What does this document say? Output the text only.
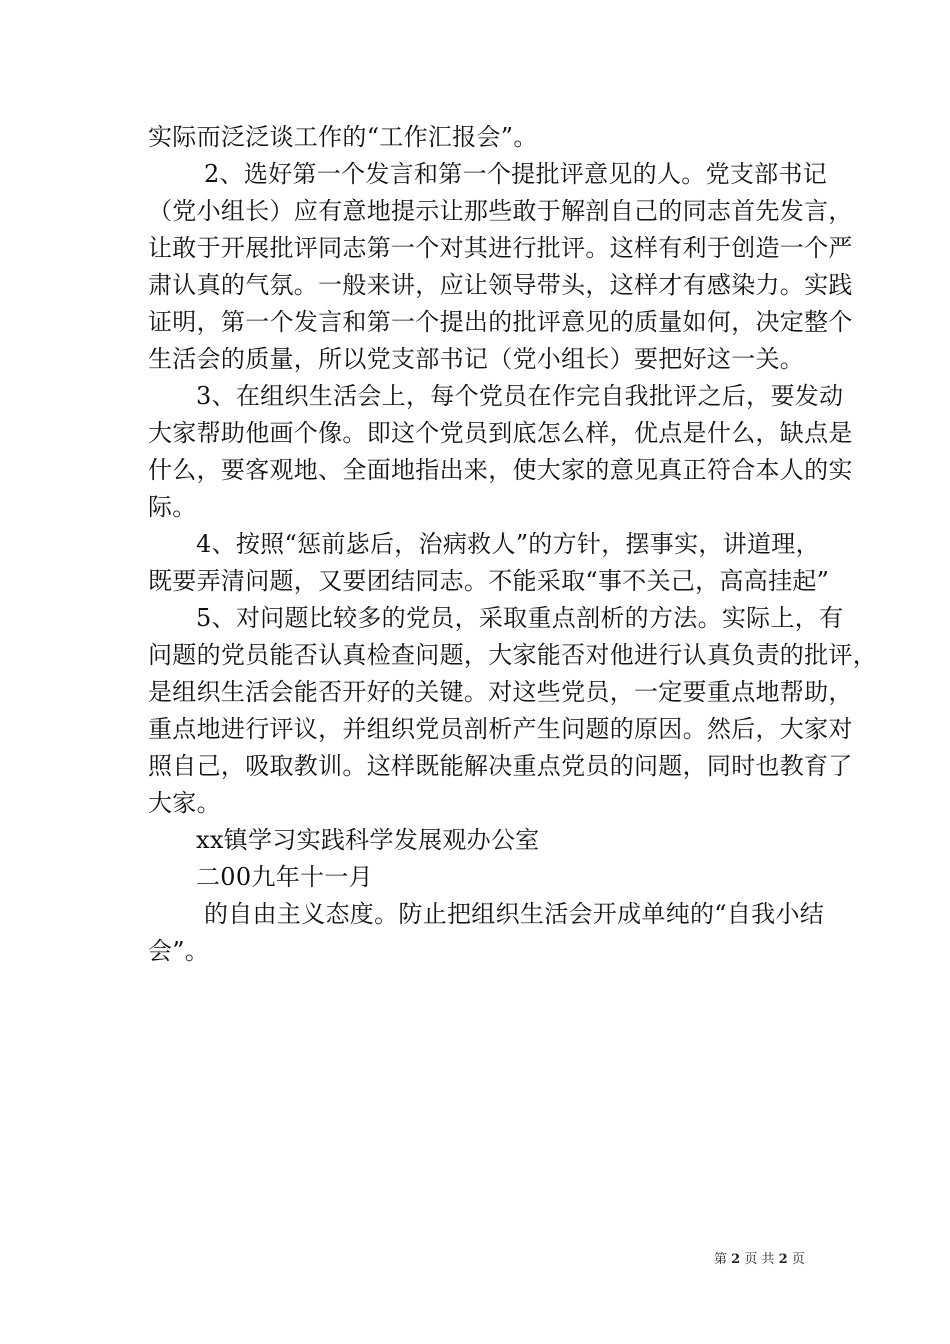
实际而泛泛谈工作的“工作汇报会”。
2、选好第一个发言和第一个提批评意见的人。党支部书记
（党小组长）应有意地提示让那些敢于解剖自己的同志首先发言，
让敢于开展批评同志第一个对其进行批评。这样有利于创造一个严
肃认真的气氛。一般来讲，应让领导带头，这样才有感染力。实践
证明，第一个发言和第一个提出的批评意见的质量如何，决定整个
生活会的质量，所以党支部书记（党小组长）要把好这一关。
3、在组织生活会上，每个党员在作完自我批评之后，要发动
大家帮助他画个像。即这个党员到底怎么样，优点是什么，缺点是
什么，要客观地、全面地指出来，使大家的意见真正符合本人的实
际。
4、按照“惩前毖后，治病救人”的方针，摆事实，讲道理，
既要弄清问题，又要团结同志。不能采取“事不关己，高高挂起”
5、对问题比较多的党员，采取重点剖析的方法。实际上，有
问题的党员能否认真检查问题，大家能否对他进行认真负责的批评，
是组织生活会能否开好的关键。对这些党员，一定要重点地帮助，
重点地进行评议，并组织党员剖析产生问题的原因。然后，大家对
照自己，吸取教训。这样既能解决重点党员的问题，同时也教育了
大家。
xx镇学习实践科学发展观办公室
二00九年十一月
的自由主义态度。防止把组织生活会开成单纯的“自我小结
会”。
第 2 页 共 2 页
